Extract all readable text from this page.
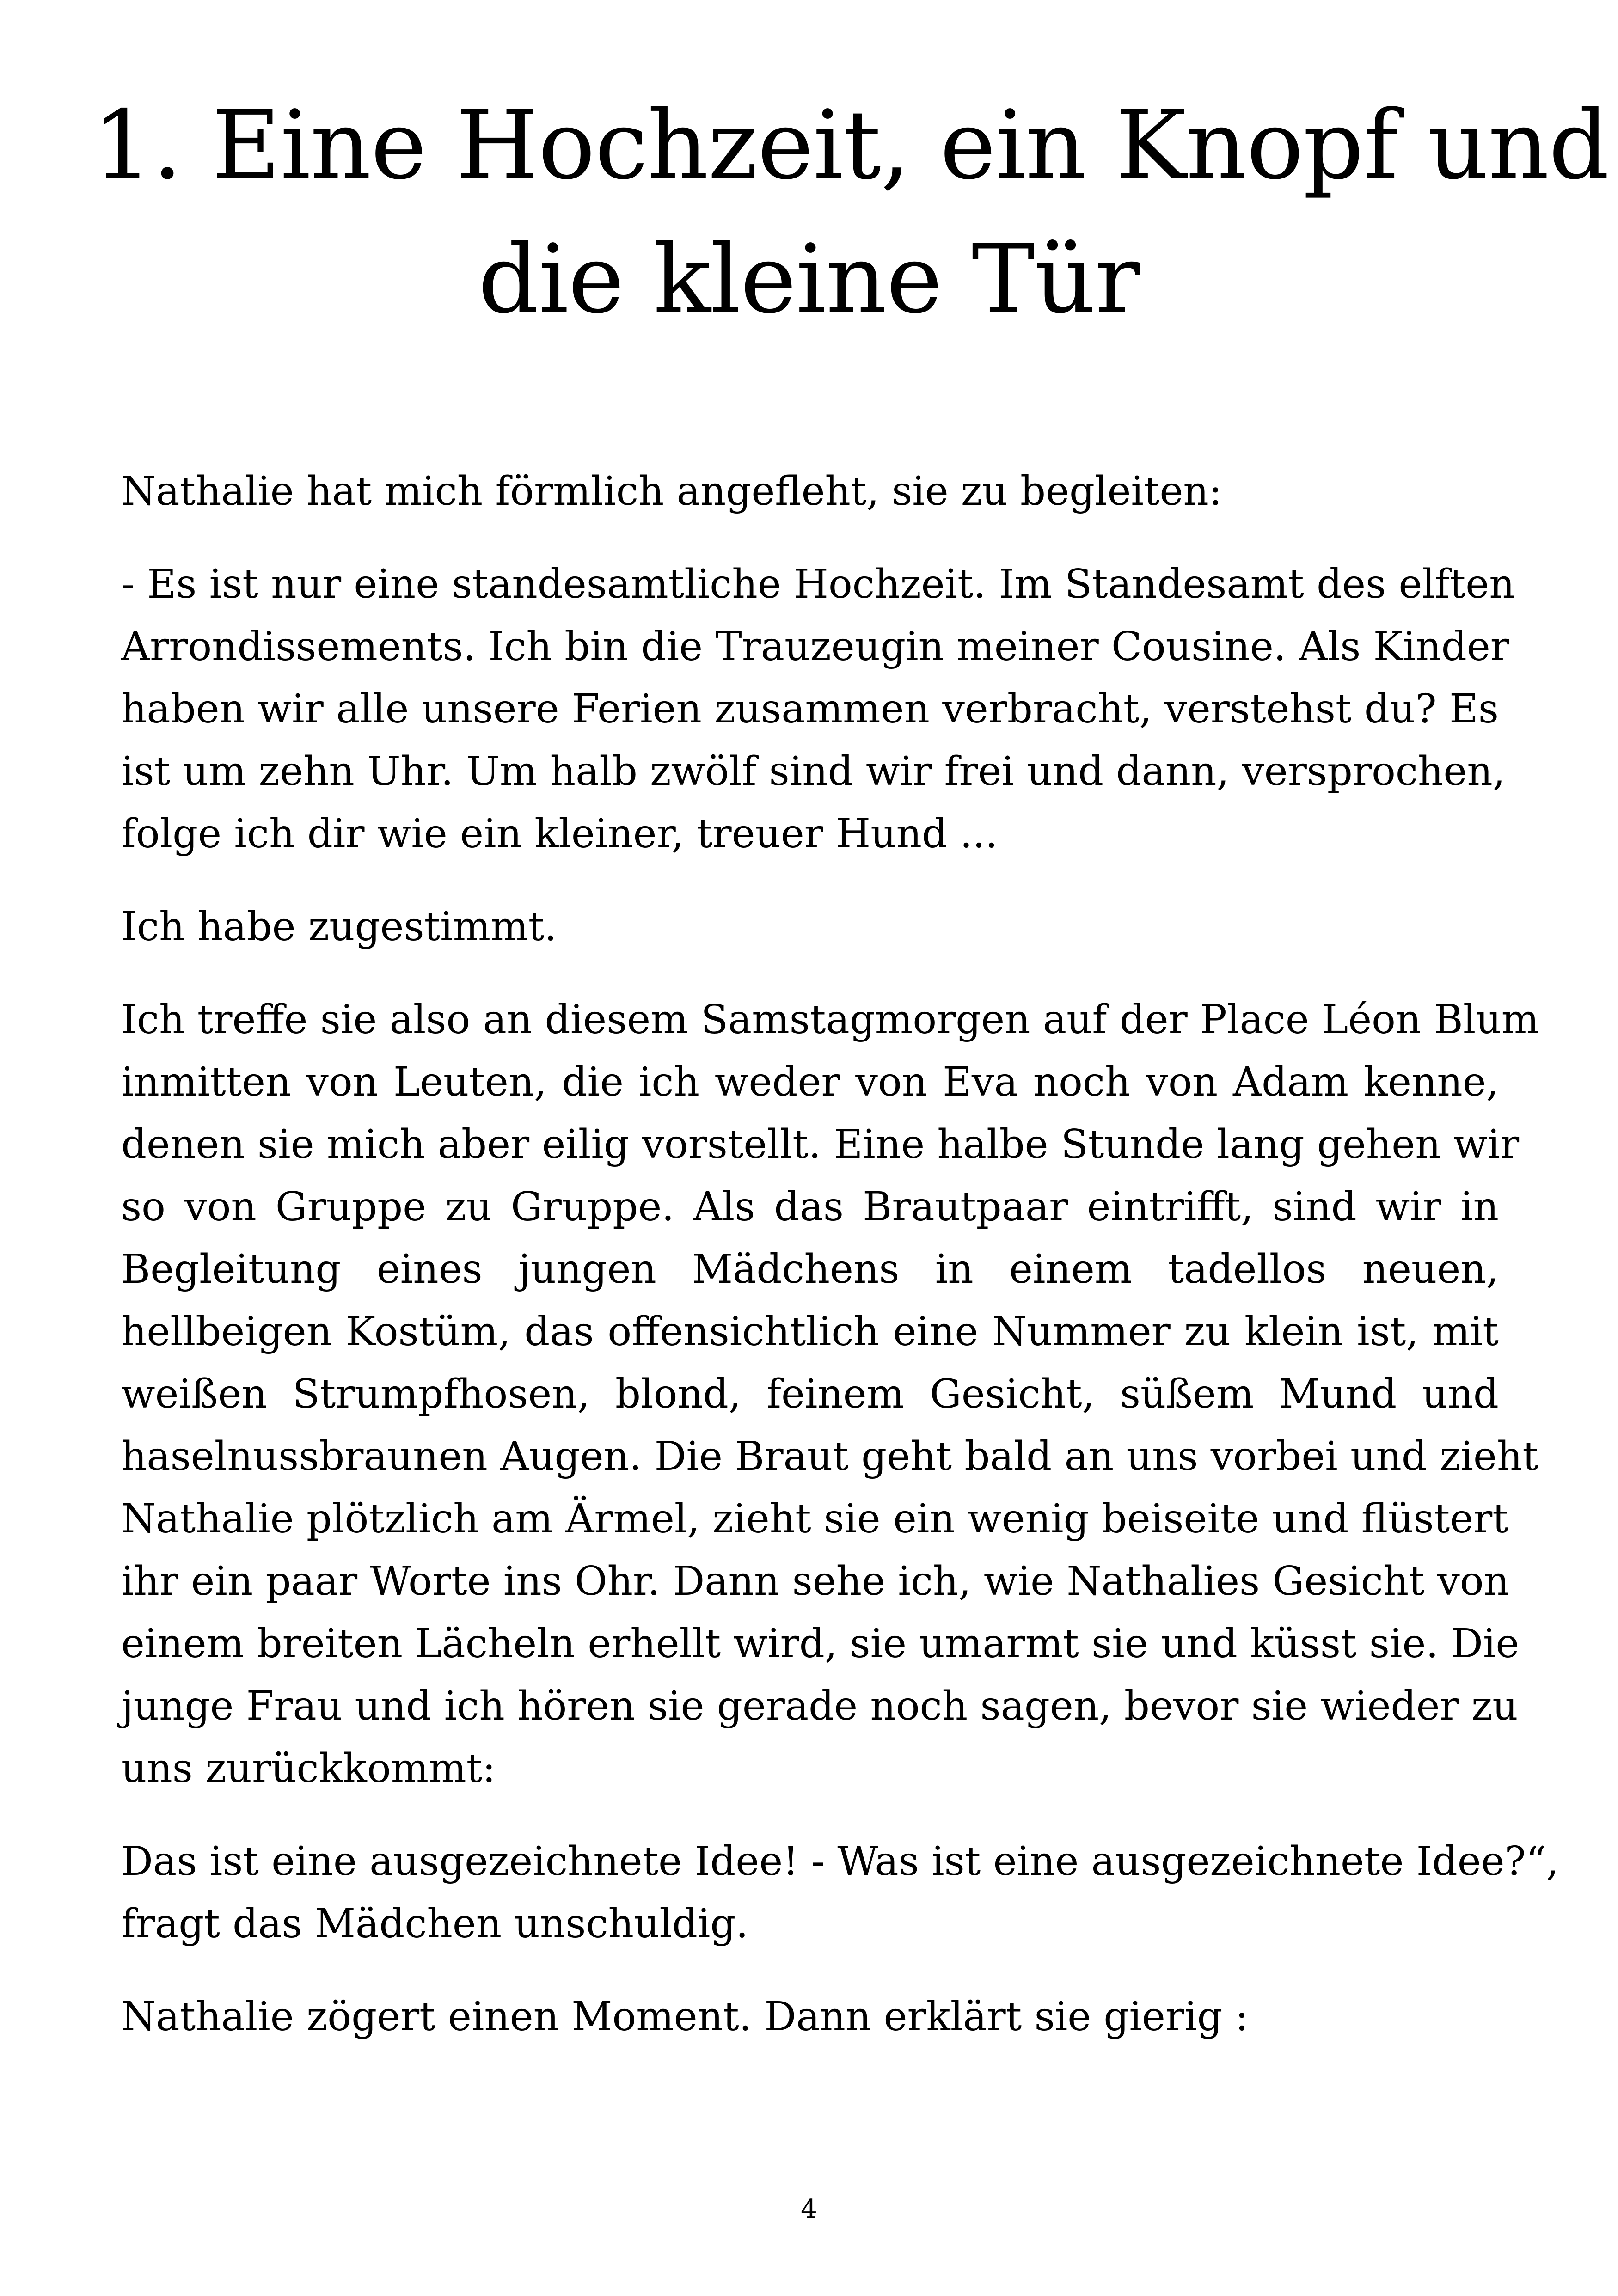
1. Eine Hochzeit, ein Knopf und
die kleine Tür

Nathalie hat mich förmlich angefleht, sie zu begleiten:

- Es ist nur eine standesamtliche Hochzeit. Im Standesamt des elften
Arrondissements. Ich bin die Trauzeugin meiner Cousine. Als Kinder
haben wir alle unsere Ferien zusammen verbracht, verstehst du? Es
ist um zehn Uhr. Um halb zwölf sind wir frei und dann, versprochen,
folge ich dir wie ein kleiner, treuer Hund ...

Ich habe zugestimmt.

Ich treffe sie also an diesem Samstagmorgen auf der Place Léon Blum
inmitten von Leuten, die ich weder von Eva noch von Adam kenne,
denen sie mich aber eilig vorstellt. Eine halbe Stunde lang gehen wir
so von Gruppe zu Gruppe. Als das Brautpaar eintrifft, sind wir in
Begleitung eines jungen Mädchens in einem tadellos neuen,
hellbeigen Kostüm, das offensichtlich eine Nummer zu klein ist, mit
weißen Strumpfhosen, blond, feinem Gesicht, süßem Mund und
haselnussbraunen Augen. Die Braut geht bald an uns vorbei und zieht
Nathalie plötzlich am Ärmel, zieht sie ein wenig beiseite und flüstert
ihr ein paar Worte ins Ohr. Dann sehe ich, wie Nathalies Gesicht von
einem breiten Lächeln erhellt wird, sie umarmt sie und küsst sie. Die
junge Frau und ich hören sie gerade noch sagen, bevor sie wieder zu
uns zurückkommt:

Das ist eine ausgezeichnete Idee! - Was ist eine ausgezeichnete Idee?“,
fragt das Mädchen unschuldig.

Nathalie zögert einen Moment. Dann erklärt sie gierig :

4
